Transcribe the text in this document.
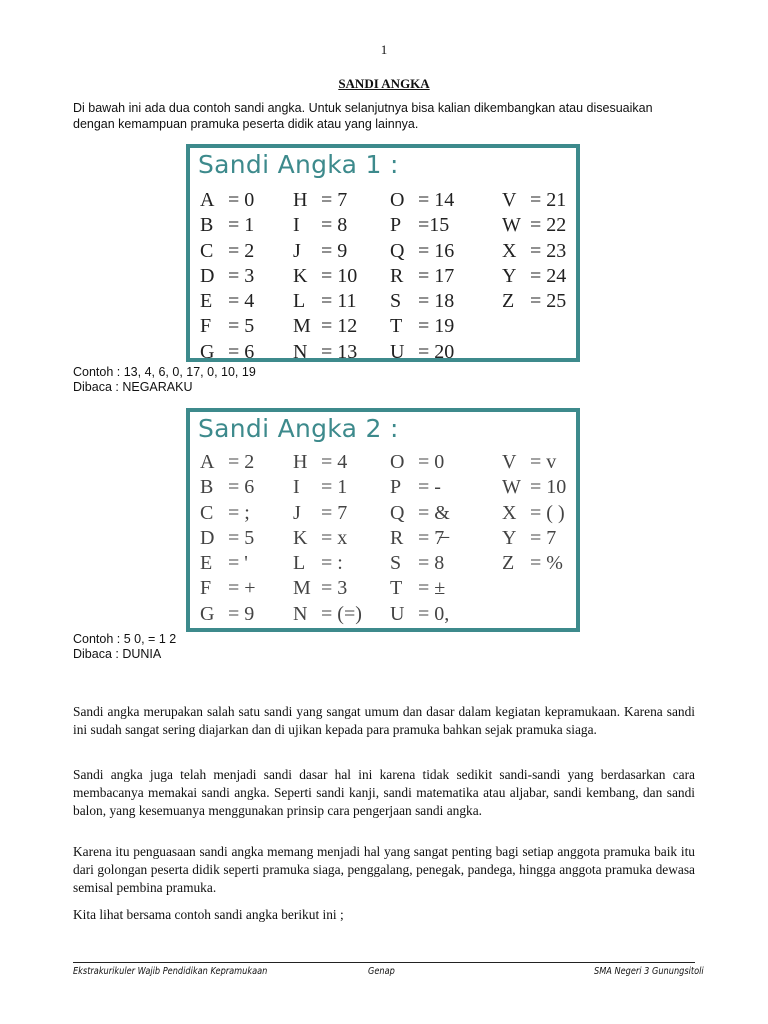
1
SANDI ANGKA
Di bawah ini ada dua contoh sandi angka. Untuk selanjutnya bisa kalian dikembangkan atau disesuaikan dengan kemampuan pramuka peserta didik atau yang lainnya.
Sandi Angka 1 :
A = 0
B = 1
C = 2
D = 3
E = 4
F = 5
G = 6
H = 7
I = 8
J = 9
K = 10
L = 11
M = 12
N = 13
O = 14
P =15
Q = 16
R = 17
S = 18
T = 19
U = 20
V = 21
W = 22
X = 23
Y = 24
Z = 25
Contoh : 13, 4, 6, 0, 17, 0, 10, 19
Dibaca : NEGARAKU
Sandi Angka 2 :
A = 2
B = 6
C = ;
D = 5
E = '
F = +
G = 9
H = 4
I = 1
J = 7
K = x
L = :
M = 3
N = (=)
O = 0
P = -
Q = &
R = 7̶
S = 8
T = ±
U = 0,
V = v
W = 10
X = ( )
Y = 7
Z = %
Contoh : 5 0, = 1 2
Dibaca : DUNIA
Sandi angka merupakan salah satu sandi yang sangat umum dan dasar dalam kegiatan kepramukaan. Karena sandi ini sudah sangat sering diajarkan dan di ujikan kepada para pramuka bahkan sejak pramuka siaga.
Sandi angka juga telah menjadi sandi dasar hal ini karena tidak sedikit sandi-sandi yang berdasarkan cara membacanya memakai sandi angka. Seperti sandi kanji, sandi matematika atau aljabar, sandi kembang, dan sandi balon, yang kesemuanya menggunakan prinsip cara pengerjaan sandi angka.
Karena itu penguasaan sandi angka memang menjadi hal yang sangat penting bagi setiap anggota pramuka baik itu dari golongan peserta didik seperti pramuka siaga, penggalang, penegak, pandega, hingga anggota pramuka dewasa semisal pembina pramuka.
Kita lihat bersama contoh sandi angka berikut ini ;
Ekstrakurikuler Wajib Pendidikan Kepramukaan	Genap	SMA Negeri 3 Gunungsitoli
